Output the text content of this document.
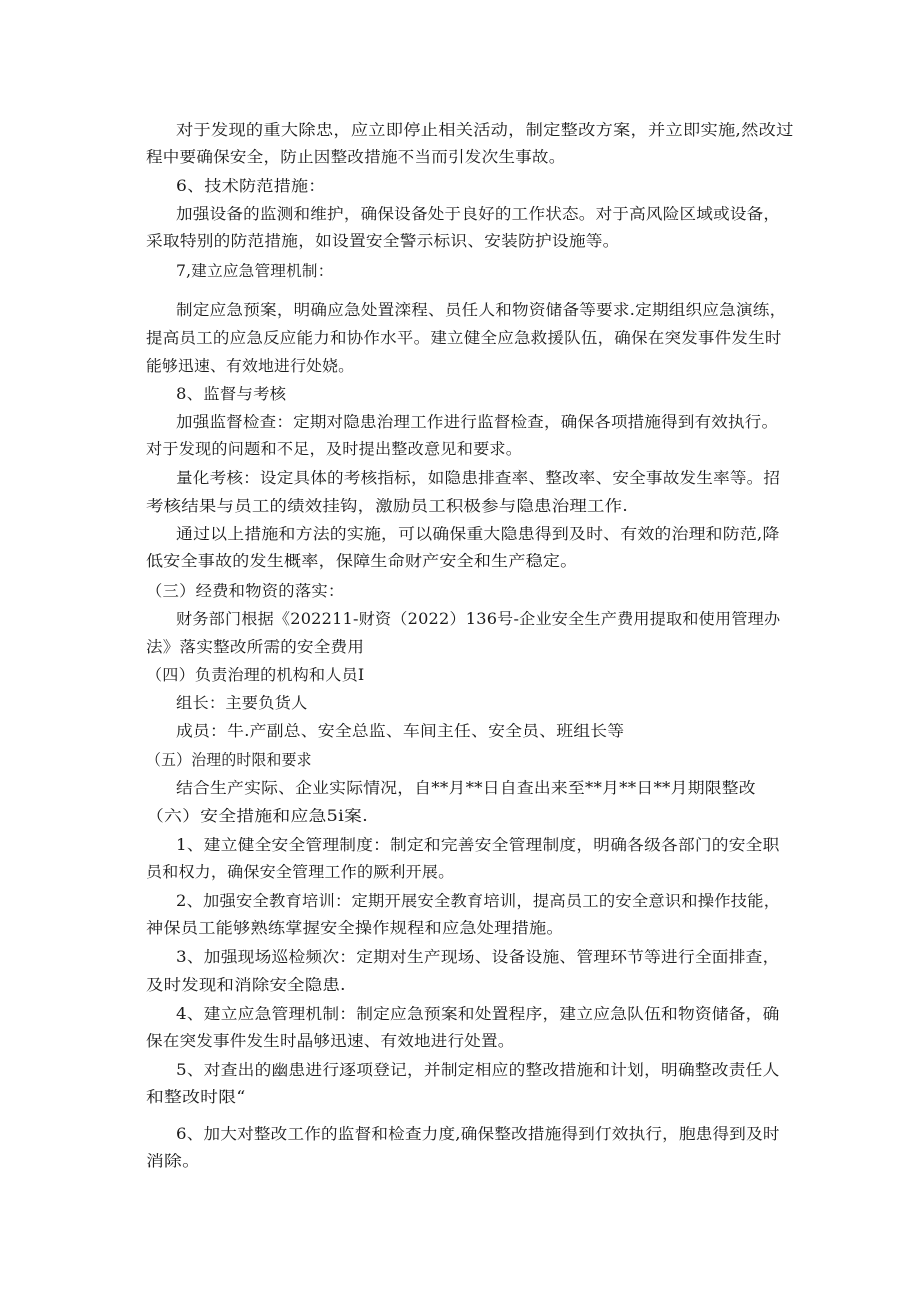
对于发现的重大除忠，应立即停止相关活动，制定整改方案，并立即实施,然改过
程中要确保安全，防止因整改措施不当而引发次生事故。
6、技术防范措施：
加强设备的监测和维护，确保设备处于良好的工作状态。对于高风险区域或设备，
采取特别的防范措施，如设置安全警示标识、安装防护设施等。
7,建立应急管理机制：
制定应急预案，明确应急处置滦程、员任人和物资储备等要求.定期组织应急演练，
提高员工的应急反应能力和协作水平。建立健全应急救援队伍，确保在突发事件发生时
能够迅速、有效地进行处娆。
8、监督与考核
加强监督检查：定期对隐患治理工作进行监督检查，确保各项措施得到有效执行。
对于发现的问题和不足，及时提出整改意见和要求。
量化考核：设定具体的考核指标，如隐患排查率、整改率、安全事故发生率等。招
考核结果与员工的绩效挂钩，激励员工积极参与隐患治理工作.
通过以上措施和方法的实施，可以确保重大隐患得到及时、有效的治理和防范,降
低安全事故的发生概率，保障生命财产安全和生产稳定。
（三）经费和物资的落实：
财务部门根据《202211-财资（2022）136号-企业安全生产费用提取和使用管理办
法》落实整改所需的安全费用
（四）负责治理的机构和人员I
组长：主要负货人
成员：牛.产副总、安全总监、车间主任、安全员、班组长等
（五）治理的时限和要求
结合生产实际、企业实际情况，自**月**日自查出来至**月**日**月期限整改
（六）安全措施和应急5i案.
1、建立健全安全管理制度：制定和完善安全管理制度，明确各级各部门的安全职
员和权力，确保安全管理工作的厥利开展。
2、加强安全教育培训：定期开展安全教育培训，提高员工的安全意识和操作技能，
神保员工能够熟练掌握安全操作规程和应急处理措施。
3、加强现场巡检频次：定期对生产现场、设备设施、管理环节等进行全面排查，
及时发现和消除安全隐患.
4、建立应急管理机制：制定应急预案和处置程序，建立应急队伍和物资储备，确
保在突发事件发生时晶够迅速、有效地进行处置。
5、对查出的幽患进行逐项登记，并制定相应的整改措施和计划，明确整改责任人
和整改时限“
6、加大对整改工作的监督和检查力度,确保整改措施得到仃效执行，胞患得到及时
消除。
